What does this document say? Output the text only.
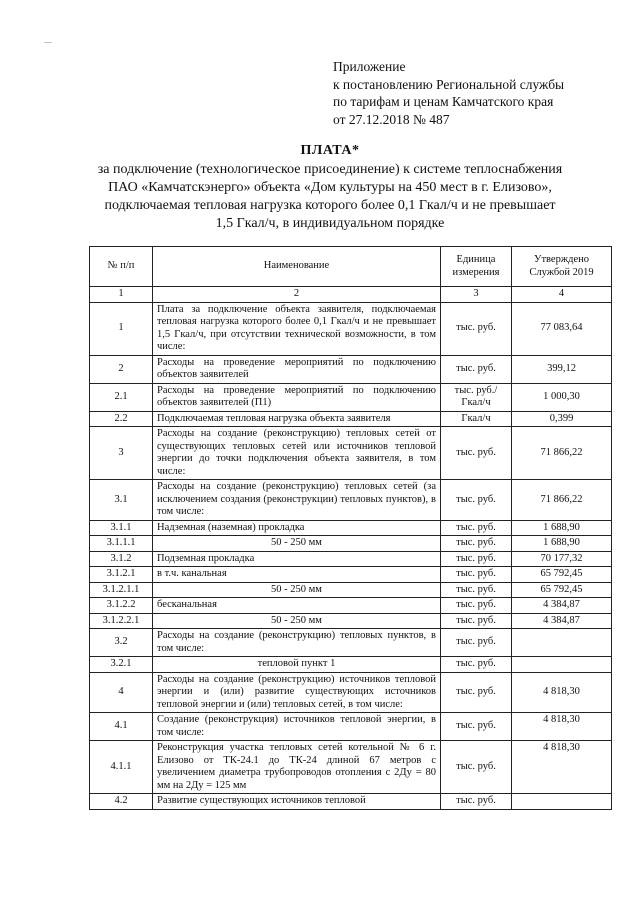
—
Приложение
к постановлению Региональной службы
по тарифам и ценам Камчатского края
от 27.12.2018 № 487
ПЛАТА*
за подключение (технологическое присоединение) к системе теплоснабжения
ПАО «Камчатскэнерго» объекта «Дом культуры на 450 мест в г. Елизово»,
подключаемая тепловая нагрузка которого более 0,1 Гкал/ч и не превышает
1,5 Гкал/ч, в индивидуальном порядке
№ п/п	Наименование	Единица измерения	Утверждено Службой 2019
1	2	3	4
1	Плата за подключение объекта заявителя, подключаемая тепловая нагрузка которого более 0,1 Гкал/ч и не превышает 1,5 Гкал/ч, при отсутствии технической возможности, в том числе:	тыс. руб.	77 083,64
2	Расходы на проведение мероприятий по подключению объектов заявителей	тыс. руб.	399,12
2.1	Расходы на проведение мероприятий по подключению объектов заявителей (П1)	тыс. руб./ Гкал/ч	1 000,30
2.2	Подключаемая тепловая нагрузка объекта заявителя	Гкал/ч	0,399
3	Расходы на создание (реконструкцию) тепловых сетей от существующих тепловых сетей или источников тепловой энергии до точки подключения объекта заявителя, в том числе:	тыс. руб.	71 866,22
3.1	Расходы на создание (реконструкцию) тепловых сетей (за исключением создания (реконструкции) тепловых пунктов), в том числе:	тыс. руб.	71 866,22
3.1.1	Надземная (наземная) прокладка	тыс. руб.	1 688,90
3.1.1.1	50 - 250 мм	тыс. руб.	1 688,90
3.1.2	Подземная прокладка	тыс. руб.	70 177,32
3.1.2.1	в т.ч. канальная	тыс. руб.	65 792,45
3.1.2.1.1	50 - 250 мм	тыс. руб.	65 792,45
3.1.2.2	бесканальная	тыс. руб.	4 384,87
3.1.2.2.1	50 - 250 мм	тыс. руб.	4 384,87
3.2	Расходы на создание (реконструкцию) тепловых пунктов, в том числе:	тыс. руб.	
3.2.1	тепловой пункт 1	тыс. руб.	
4	Расходы на создание (реконструкцию) источников тепловой энергии и (или) развитие существующих источников тепловой энергии и (или) тепловых сетей, в том числе:	тыс. руб.	4 818,30
4.1	Создание (реконструкция) источников тепловой энергии, в том числе:	тыс. руб.	4 818,30
4.1.1	Реконструкция участка тепловых сетей котельной № 6 г. Елизово от ТК-24.1 до ТК-24 длиной 67 метров с увеличением диаметра трубопроводов отопления с 2Ду = 80 мм на 2Ду = 125 мм	тыс. руб.	4 818,30
4.2	Развитие существующих источников тепловой	тыс. руб.	
